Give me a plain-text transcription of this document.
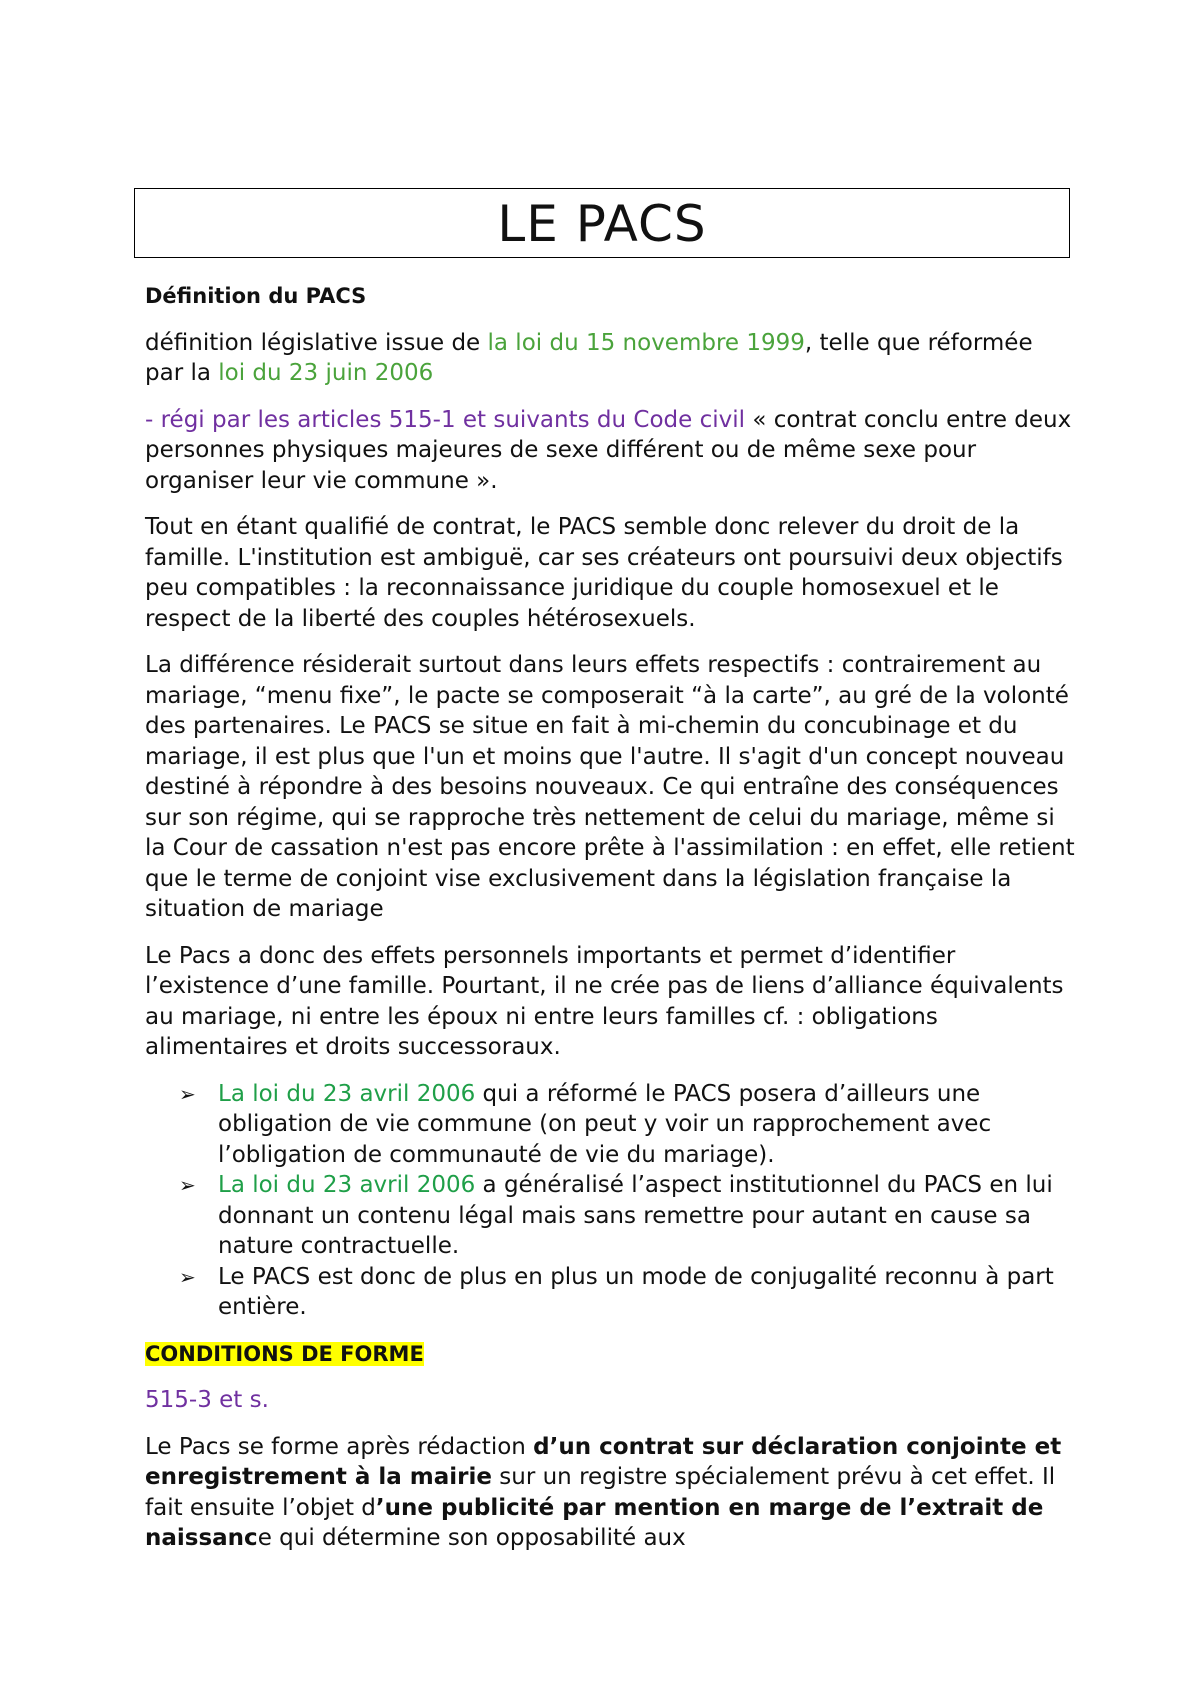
LE PACS

Définition du PACS

définition législative issue de la loi du 15 novembre 1999, telle que réformée par la loi du 23 juin 2006

- régi par les articles 515-1 et suivants du Code civil « contrat conclu entre deux personnes physiques majeures de sexe différent ou de même sexe pour organiser leur vie commune ».

Tout en étant qualifié de contrat, le PACS semble donc relever du droit de la famille. L'institution est ambiguë, car ses créateurs ont poursuivi deux objectifs peu compatibles : la reconnaissance juridique du couple homosexuel et le respect de la liberté des couples hétérosexuels.

La différence résiderait surtout dans leurs effets respectifs : contrairement au mariage, “menu fixe”, le pacte se composerait “à la carte”, au gré de la volonté des partenaires. Le PACS se situe en fait à mi-chemin du concubinage et du mariage, il est plus que l'un et moins que l'autre. Il s'agit d'un concept nouveau destiné à répondre à des besoins nouveaux. Ce qui entraîne des conséquences sur son régime, qui se rapproche très nettement de celui du mariage, même si la Cour de cassation n'est pas encore prête à l'assimilation : en effet, elle retient que le terme de conjoint vise exclusivement dans la législation française la situation de mariage

Le Pacs a donc des effets personnels importants et permet d’identifier l’existence d’une famille. Pourtant, il ne crée pas de liens d’alliance équivalents au mariage, ni entre les époux ni entre leurs familles cf. : obligations alimentaires et droits successoraux.

➢ La loi du 23 avril 2006 qui a réformé le PACS posera d’ailleurs une obligation de vie commune (on peut y voir un rapprochement avec l’obligation de communauté de vie du mariage).
➢ La loi du 23 avril 2006 a généralisé l’aspect institutionnel du PACS en lui donnant un contenu légal mais sans remettre pour autant en cause sa nature contractuelle.
➢ Le PACS est donc de plus en plus un mode de conjugalité reconnu à part entière.

CONDITIONS DE FORME

515-3 et s.

Le Pacs se forme après rédaction d’un contrat sur déclaration conjointe et enregistrement à la mairie sur un registre spécialement prévu à cet effet. Il fait ensuite l’objet d’une publicité par mention en marge de l’extrait de naissance qui détermine son opposabilité aux
